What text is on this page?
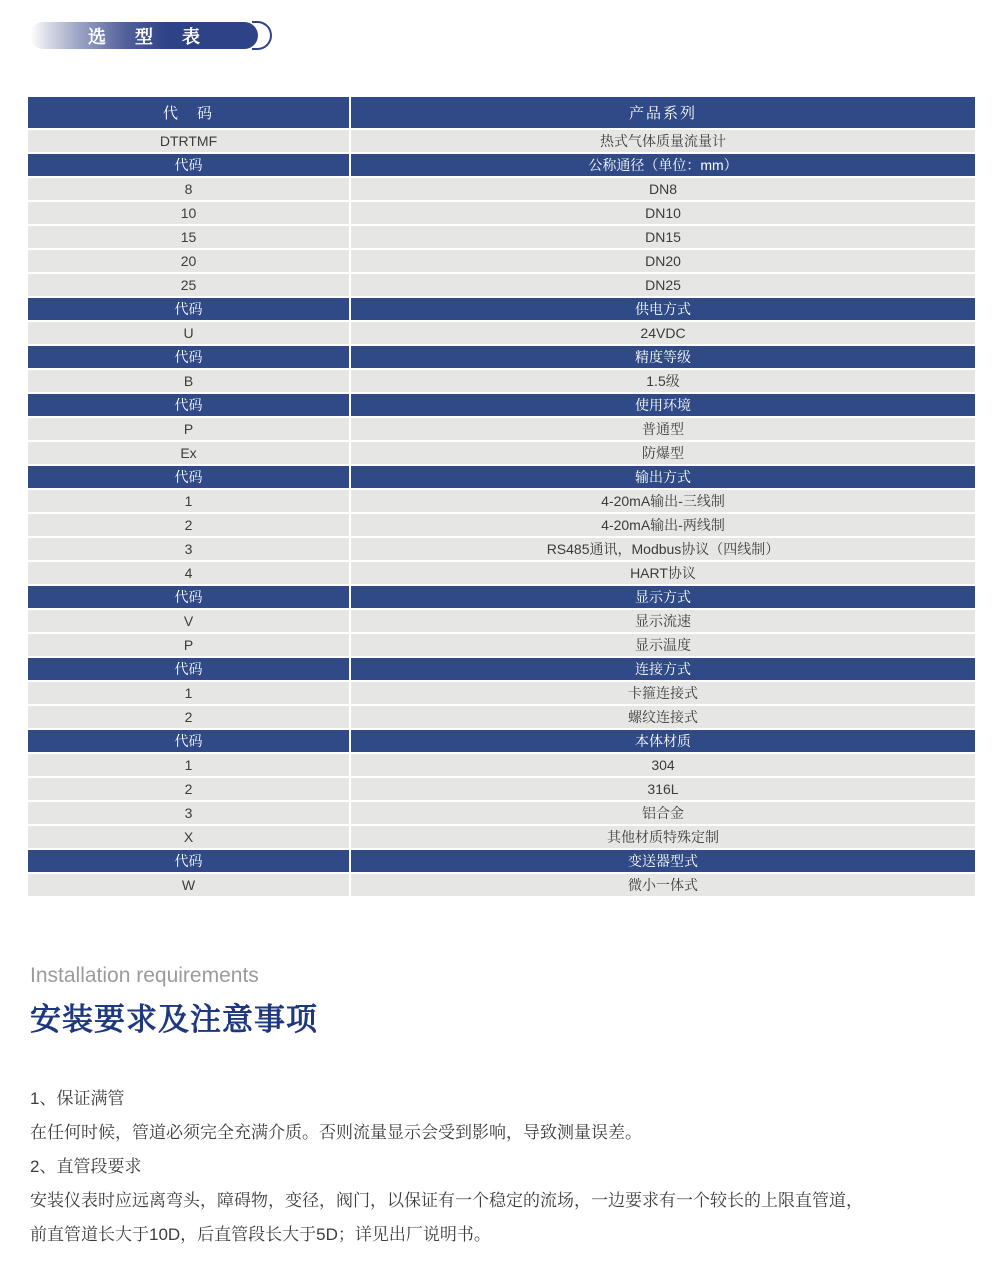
选 型 表
代　码	产品系列
DTRTMF	热式气体质量流量计
代码	公称通径（单位：mm）
8	DN8
10	DN10
15	DN15
20	DN20
25	DN25
代码	供电方式
U	24VDC
代码	精度等级
B	1.5级
代码	使用环境
P	普通型
Ex	防爆型
代码	输出方式
1	4-20mA输出-三线制
2	4-20mA输出-两线制
3	RS485通讯，Modbus协议（四线制）
4	HART协议
代码	显示方式
V	显示流速
P	显示温度
代码	连接方式
1	卡箍连接式
2	螺纹连接式
代码	本体材质
1	304
2	316L
3	铝合金
X	其他材质特殊定制
代码	变送器型式
W	微小一体式
Installation requirements
安装要求及注意事项
1、保证满管
在任何时候，管道必须完全充满介质。否则流量显示会受到影响，导致测量误差。
2、直管段要求
安装仪表时应远离弯头，障碍物，变径，阀门，以保证有一个稳定的流场，一边要求有一个较长的上限直管道，
前直管道长大于10D，后直管段长大于5D；详见出厂说明书。
